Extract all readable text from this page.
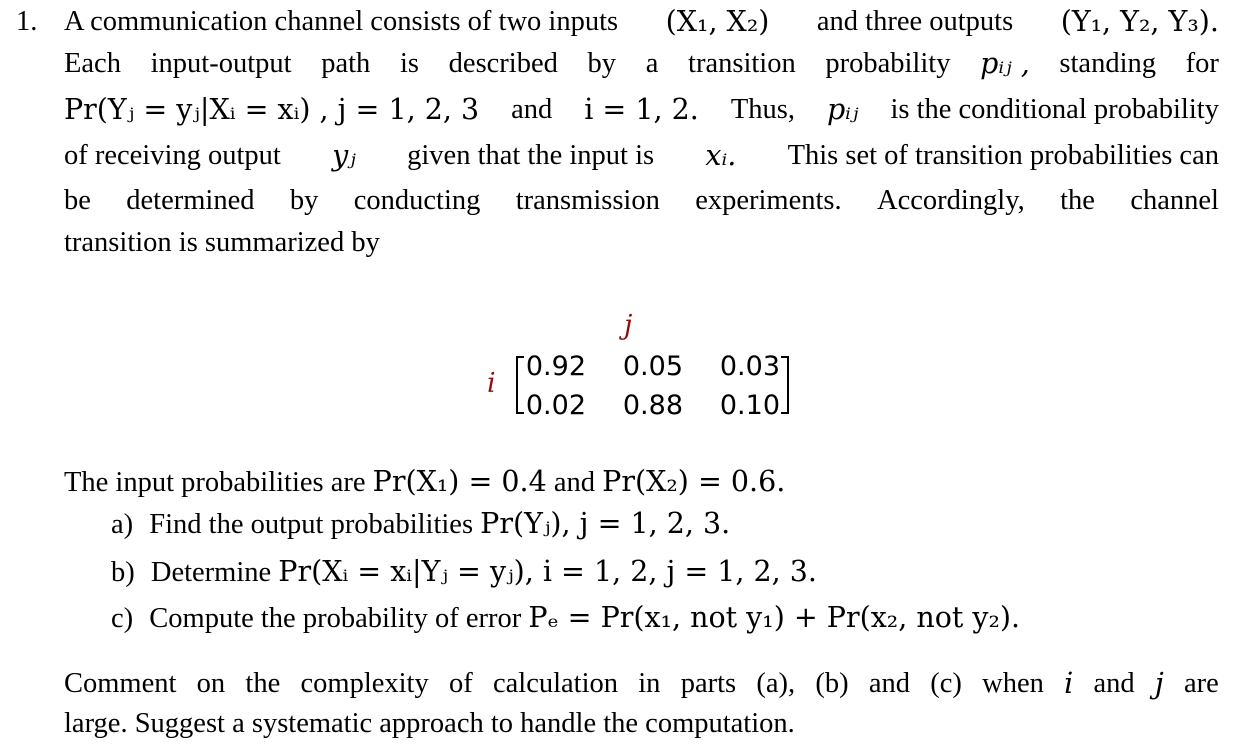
1. A communication channel consists of two inputs (X₁, X₂) and three outputs (Y₁, Y₂, Y₃).
Each input-output path is described by a transition probability pᵢⱼ , standing for
Pr(Yⱼ = yⱼ|Xᵢ = xᵢ) , j = 1, 2, 3 and i = 1, 2. Thus, pᵢⱼ is the conditional probability
of receiving output yⱼ given that the input is xᵢ. This set of transition probabilities can
be determined by conducting transmission experiments. Accordingly, the channel
transition is summarized by
j
i
0.92	0.05	0.03
0.02	0.88	0.10
The input probabilities are Pr(X₁) = 0.4 and Pr(X₂) = 0.6.
a) Find the output probabilities Pr(Yⱼ), j = 1, 2, 3.
b) Determine Pr(Xᵢ = xᵢ|Yⱼ = yⱼ), i = 1, 2, j = 1, 2, 3.
c) Compute the probability of error Pₑ = Pr(x₁, not y₁) + Pr(x₂, not y₂).
Comment on the complexity of calculation in parts (a), (b) and (c) when i and j are
large. Suggest a systematic approach to handle the computation.
